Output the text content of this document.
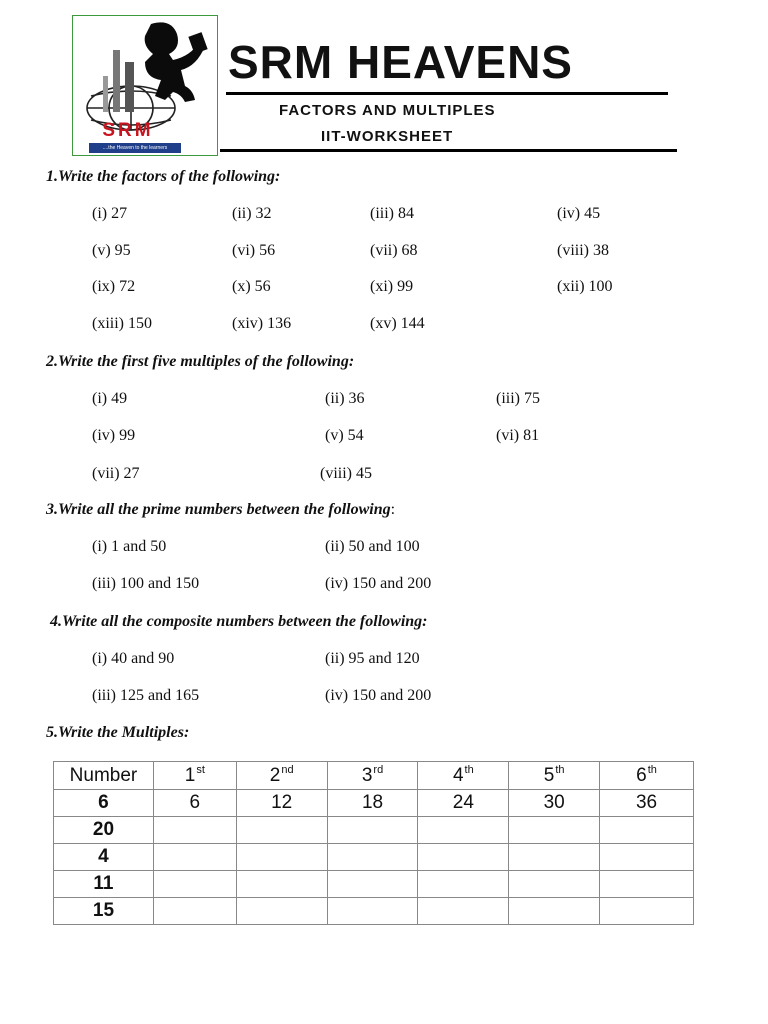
SRM
....the Heaven to the learners
SRM HEAVENS
FACTORS AND MULTIPLES
IIT-WORKSHEET
1.Write the factors of the following:
(i) 27	(ii) 32	(iii) 84	(iv) 45
(v) 95	(vi) 56	(vii) 68	(viii) 38
(ix) 72	(x) 56	(xi) 99	(xii) 100
(xiii) 150	(xiv) 136	(xv) 144
2.Write the first five multiples of the following:
(i) 49	(ii) 36	(iii) 75
(iv) 99	(v) 54	(vi) 81
(vii) 27	(viii) 45
3.Write all the prime numbers between the following:
(i) 1 and 50	(ii) 50 and 100
(iii) 100 and 150	(iv) 150 and 200
4.Write all the composite numbers between the following:
(i) 40 and 90	(ii) 95 and 120
(iii) 125 and 165	(iv) 150 and 200
5.Write the Multiples:
Number	1st	2nd	3rd	4th	5th	6th
6	6	12	18	24	30	36
20						
4						
11						
15						
